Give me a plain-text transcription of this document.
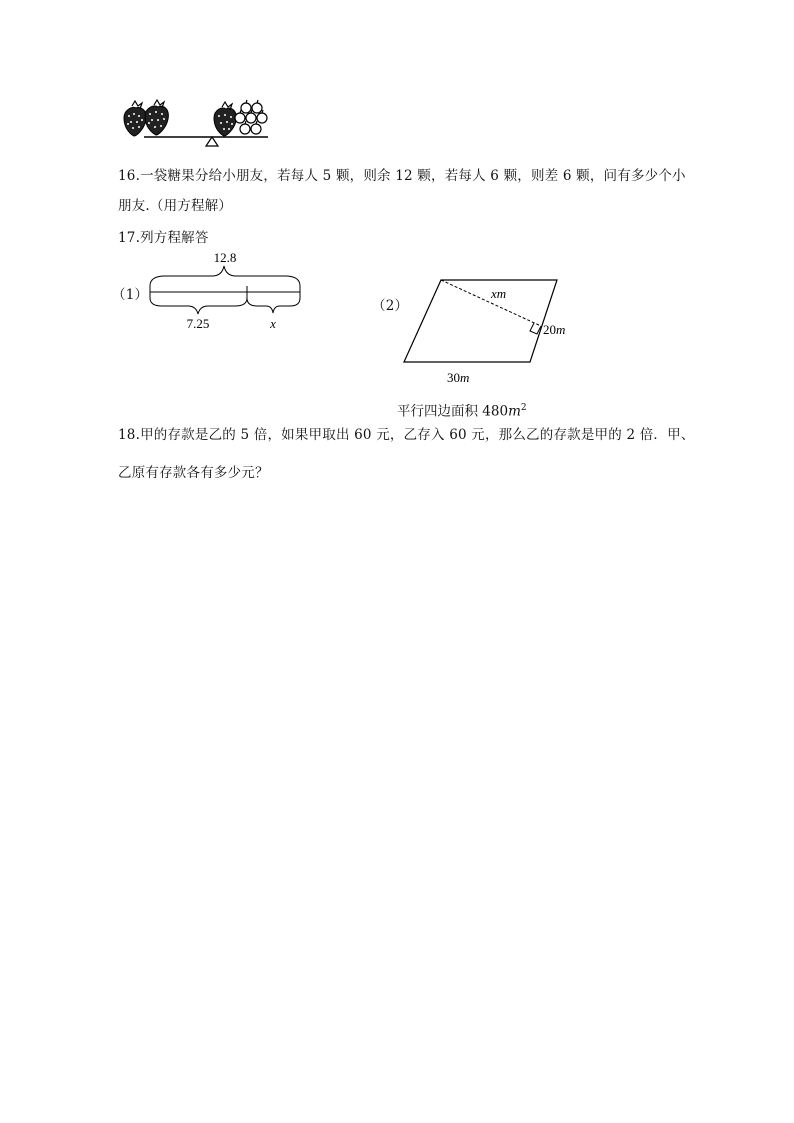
16.一袋糖果分给小朋友，若每人 5 颗，则余 12 颗，若每人 6 颗，则差 6 颗，问有多少个小
朋友.（用方程解）
17.列方程解答
（1）
12.8
7.25	x
（2）
xm
20m
30m
平行四边面积 $480m^2$
18.甲的存款是乙的 5 倍，如果甲取出 60 元，乙存入 60 元，那么乙的存款是甲的 2 倍．甲、
乙原有存款各有多少元？
